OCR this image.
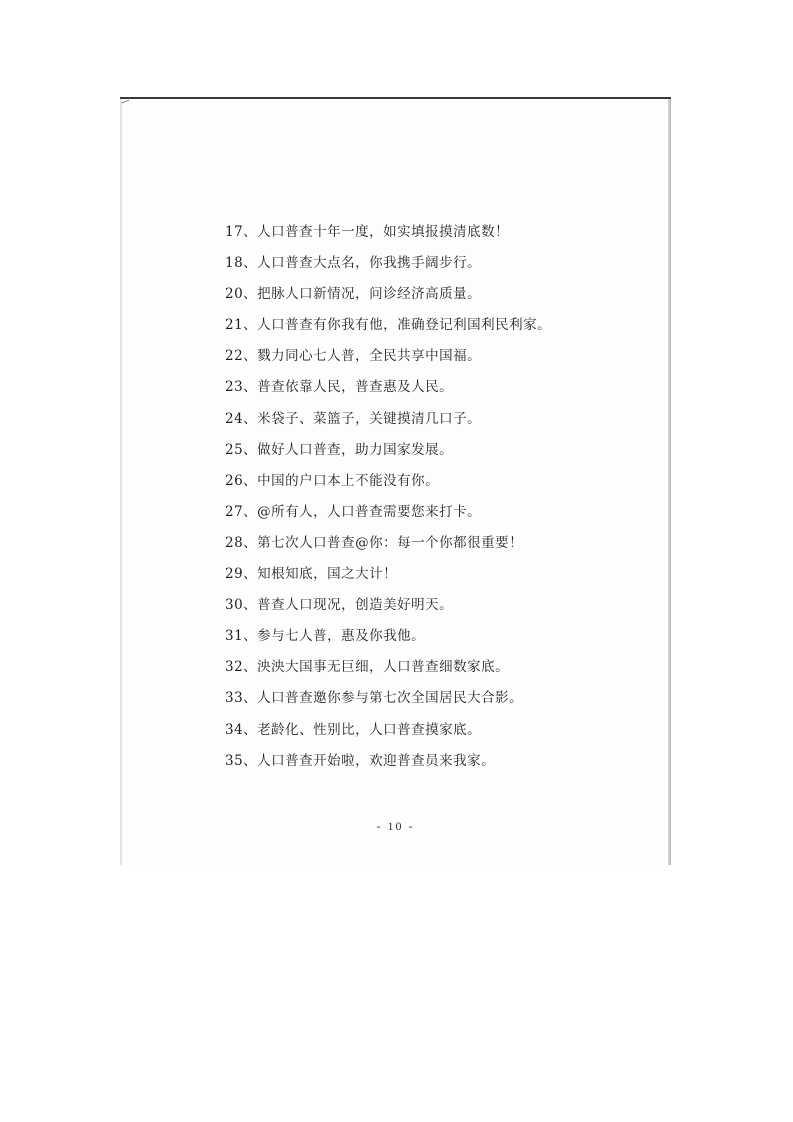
17、人口普查十年一度，如实填报摸清底数！
18、人口普查大点名，你我携手阔步行。
20、把脉人口新情况，问诊经济高质量。
21、人口普查有你我有他，准确登记利国利民利家。
22、戮力同心七人普，全民共享中国福。
23、普查依靠人民，普查惠及人民。
24、米袋子、菜篮子，关键摸清几口子。
25、做好人口普查，助力国家发展。
26、中国的户口本上不能没有你。
27、@所有人，人口普查需要您来打卡。
28、第七次人口普查@你：每一个你都很重要！
29、知根知底，国之大计！
30、普查人口现况，创造美好明天。
31、参与七人普，惠及你我他。
32、泱泱大国事无巨细，人口普查细数家底。
33、人口普查邀你参与第七次全国居民大合影。
34、老龄化、性别比，人口普查摸家底。
35、人口普查开始啦，欢迎普查员来我家。
- 10 -
